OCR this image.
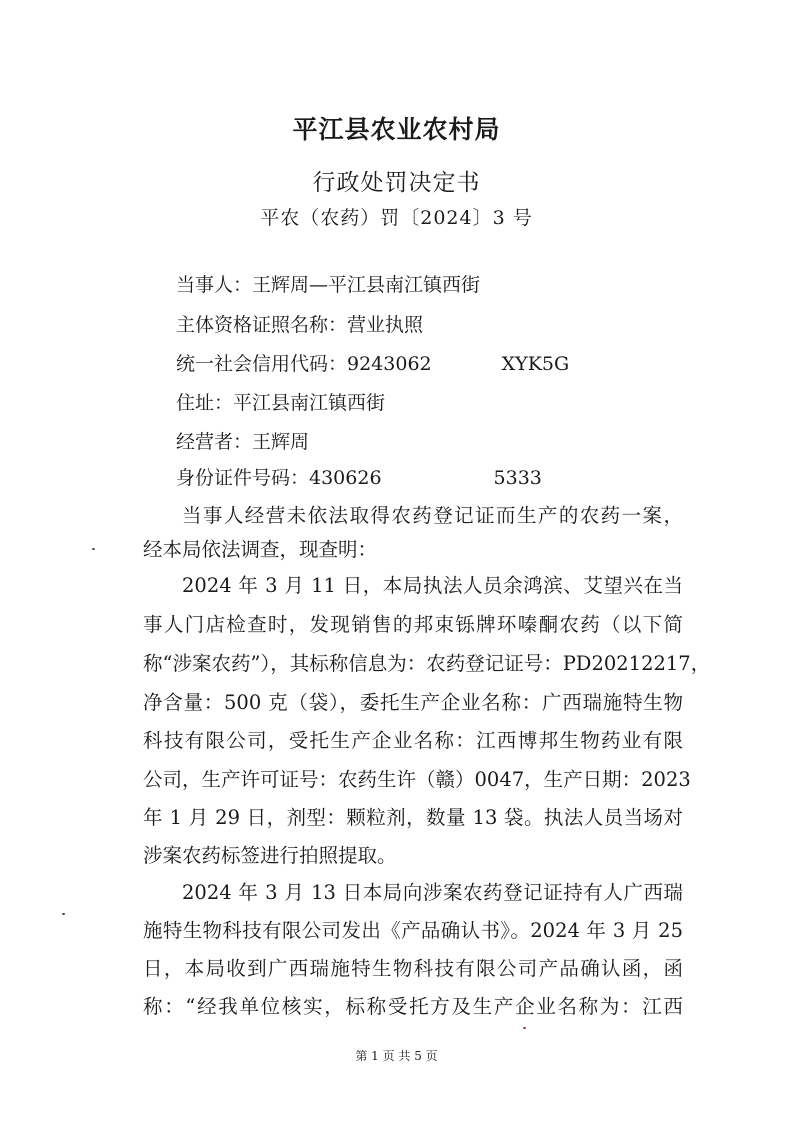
平江县农业农村局
行政处罚决定书
平农（农药）罚〔2024〕3 号
当事人：王辉周—平江县南江镇西街
主体资格证照名称：营业执照
统一社会信用代码：9243062	XYK5G
住址：平江县南江镇西街
经营者：王辉周
身份证件号码：430626	5333
当事人经营未依法取得农药登记证而生产的农药一案，
经本局依法调查，现查明：
2024 年 3 月 11 日，本局执法人员余鸿滨、艾望兴在当
事人门店检查时，发现销售的邦束铄牌环嗪酮农药（以下简
称“涉案农药”），其标称信息为：农药登记证号：PD20212217，
净含量：500 克（袋），委托生产企业名称：广西瑞施特生物
科技有限公司，受托生产企业名称：江西博邦生物药业有限
公司，生产许可证号：农药生许（赣）0047，生产日期：2023
年 1 月 29 日，剂型：颗粒剂，数量 13 袋。执法人员当场对
涉案农药标签进行拍照提取。
2024 年 3 月 13 日本局向涉案农药登记证持有人广西瑞
施特生物科技有限公司发出《产品确认书》。2024 年 3 月 25
日，本局收到广西瑞施特生物科技有限公司产品确认函，函
称：“经我单位核实，标称受托方及生产企业名称为：江西
第 1 页 共 5 页
